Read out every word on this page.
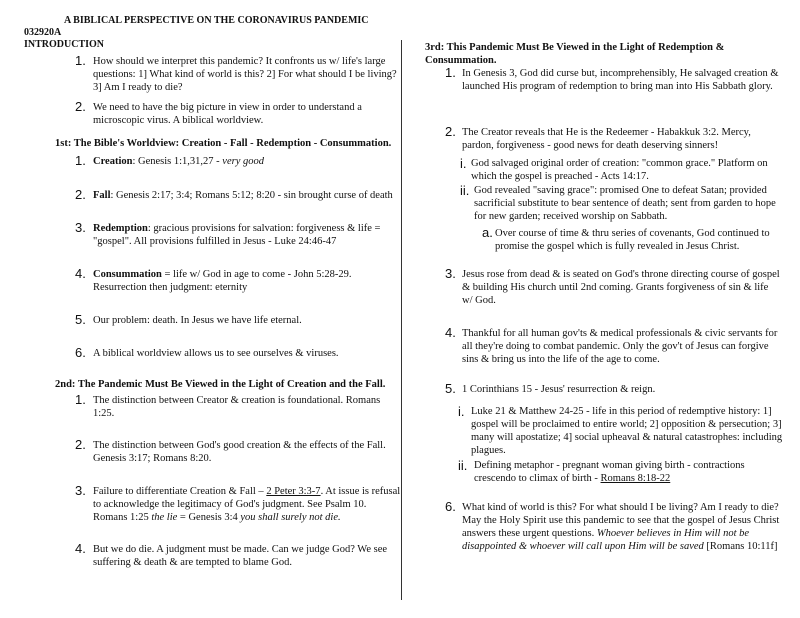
A BIBLICAL PERSPECTIVE ON THE CORONAVIRUS PANDEMIC
032920A
INTRODUCTION
1. How should we interpret this pandemic? It confronts us w/ life's large questions: 1] What kind of world is this? 2] For what should I be living? 3] Am I ready to die?
2. We need to have the big picture in view in order to understand a microscopic virus. A biblical worldview.
1st: The Bible's Worldview: Creation - Fall - Redemption - Consummation.
1. Creation: Genesis 1:1,31,27 - very good
2. Fall: Genesis 2:17; 3:4; Romans 5:12; 8:20 - sin brought curse of death
3. Redemption: gracious provisions for salvation: forgiveness & life = "gospel". All provisions fulfilled in Jesus - Luke 24:46-47
4. Consummation = life w/ God in age to come - John 5:28-29. Resurrection then judgment: eternity
5. Our problem: death. In Jesus we have life eternal.
6. A biblical worldview allows us to see ourselves & viruses.
2nd: The Pandemic Must Be Viewed in the Light of Creation and the Fall.
1. The distinction between Creator & creation is foundational. Romans 1:25.
2. The distinction between God's good creation & the effects of the Fall. Genesis 3:17; Romans 8:20.
3. Failure to differentiate Creation & Fall – 2 Peter 3:3-7. At issue is refusal to acknowledge the legitimacy of God's judgment. See Psalm 10. Romans 1:25 the lie = Genesis 3:4 you shall surely not die.
4. But we do die. A judgment must be made. Can we judge God? We see suffering & death & are tempted to blame God.
3rd: This Pandemic Must Be Viewed in the Light of Redemption & Consummation.
1. In Genesis 3, God did curse but, incomprehensibly, He salvaged creation & launched His program of redemption to bring man into His Sabbath glory.
2. The Creator reveals that He is the Redeemer - Habakkuk 3:2. Mercy, pardon, forgiveness - good news for death deserving sinners!
i. God salvaged original order of creation: "common grace." Platform on which the gospel is preached - Acts 14:17.
ii. God revealed "saving grace": promised One to defeat Satan; provided sacrificial substitute to bear sentence of death; sent from garden to hope for new garden; received worship on Sabbath.
a. Over course of time & thru series of covenants, God continued to promise the gospel which is fully revealed in Jesus Christ.
3. Jesus rose from dead & is seated on God's throne directing course of gospel & building His church until 2nd coming. Grants forgiveness of sin & life w/ God.
4. Thankful for all human gov'ts & medical professionals & civic servants for all they're doing to combat pandemic. Only the gov't of Jesus can forgive sins & bring us into the life of the age to come.
5. 1 Corinthians 15 - Jesus' resurrection & reign.
i. Luke 21 & Matthew 24-25 - life in this period of redemptive history: 1] gospel will be proclaimed to entire world; 2] opposition & persecution; 3] many will apostatize; 4] social upheaval & natural catastrophes: including plagues.
ii. Defining metaphor - pregnant woman giving birth - contractions crescendo to climax of birth - Romans 8:18-22
6. What kind of world is this? For what should I be living? Am I ready to die? May the Holy Spirit use this pandemic to see that the gospel of Jesus Christ answers these urgent questions. Whoever believes in Him will not be disappointed & whoever will call upon Him will be saved [Romans 10:11f]
